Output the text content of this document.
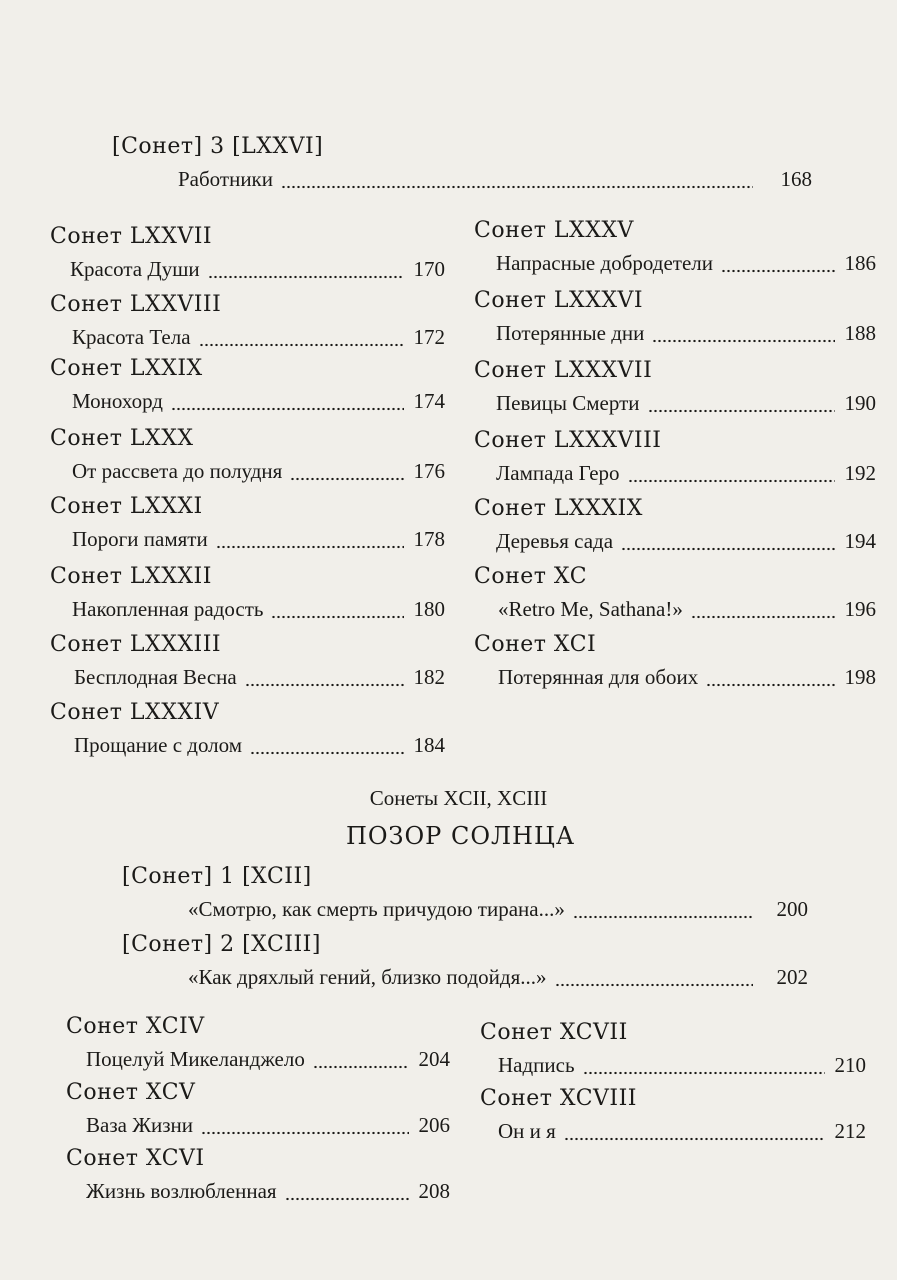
[Сонет] 3 [LXXVI]
Работники	168
Сонет LXXVII
Красота Души	170
Сонет LXXVIII
Красота Тела	172
Сонет LXXIX
Монохорд	174
Сонет LXXX
От рассвета до полудня	176
Сонет LXXXI
Пороги памяти	178
Сонет LXXXII
Накопленная радость	180
Сонет LXXXIII
Бесплодная Весна	182
Сонет LXXXIV
Прощание с долом	184
Сонет LXXXV
Напрасные добродетели	186
Сонет LXXXVI
Потерянные дни	188
Сонет LXXXVII
Певицы Смерти	190
Сонет LXXXVIII
Лампада Геро	192
Сонет LXXXIX
Деревья сада	194
Сонет XC
«Retro Me, Sathana!»	196
Сонет XCI
Потерянная для обоих	198
Сонеты XCII, XCIII
ПОЗОР СОЛНЦА
[Сонет] 1 [XCII]
«Смотрю, как смерть причудою тирана...»	200
[Сонет] 2 [XCIII]
«Как дряхлый гений, близко подойдя...»	202
Сонет XCIV
Поцелуй Микеланджело	204
Сонет XCV
Ваза Жизни	206
Сонет XCVI
Жизнь возлюбленная	208
Сонет XCVII
Надпись	210
Сонет XCVIII
Он и я	212
